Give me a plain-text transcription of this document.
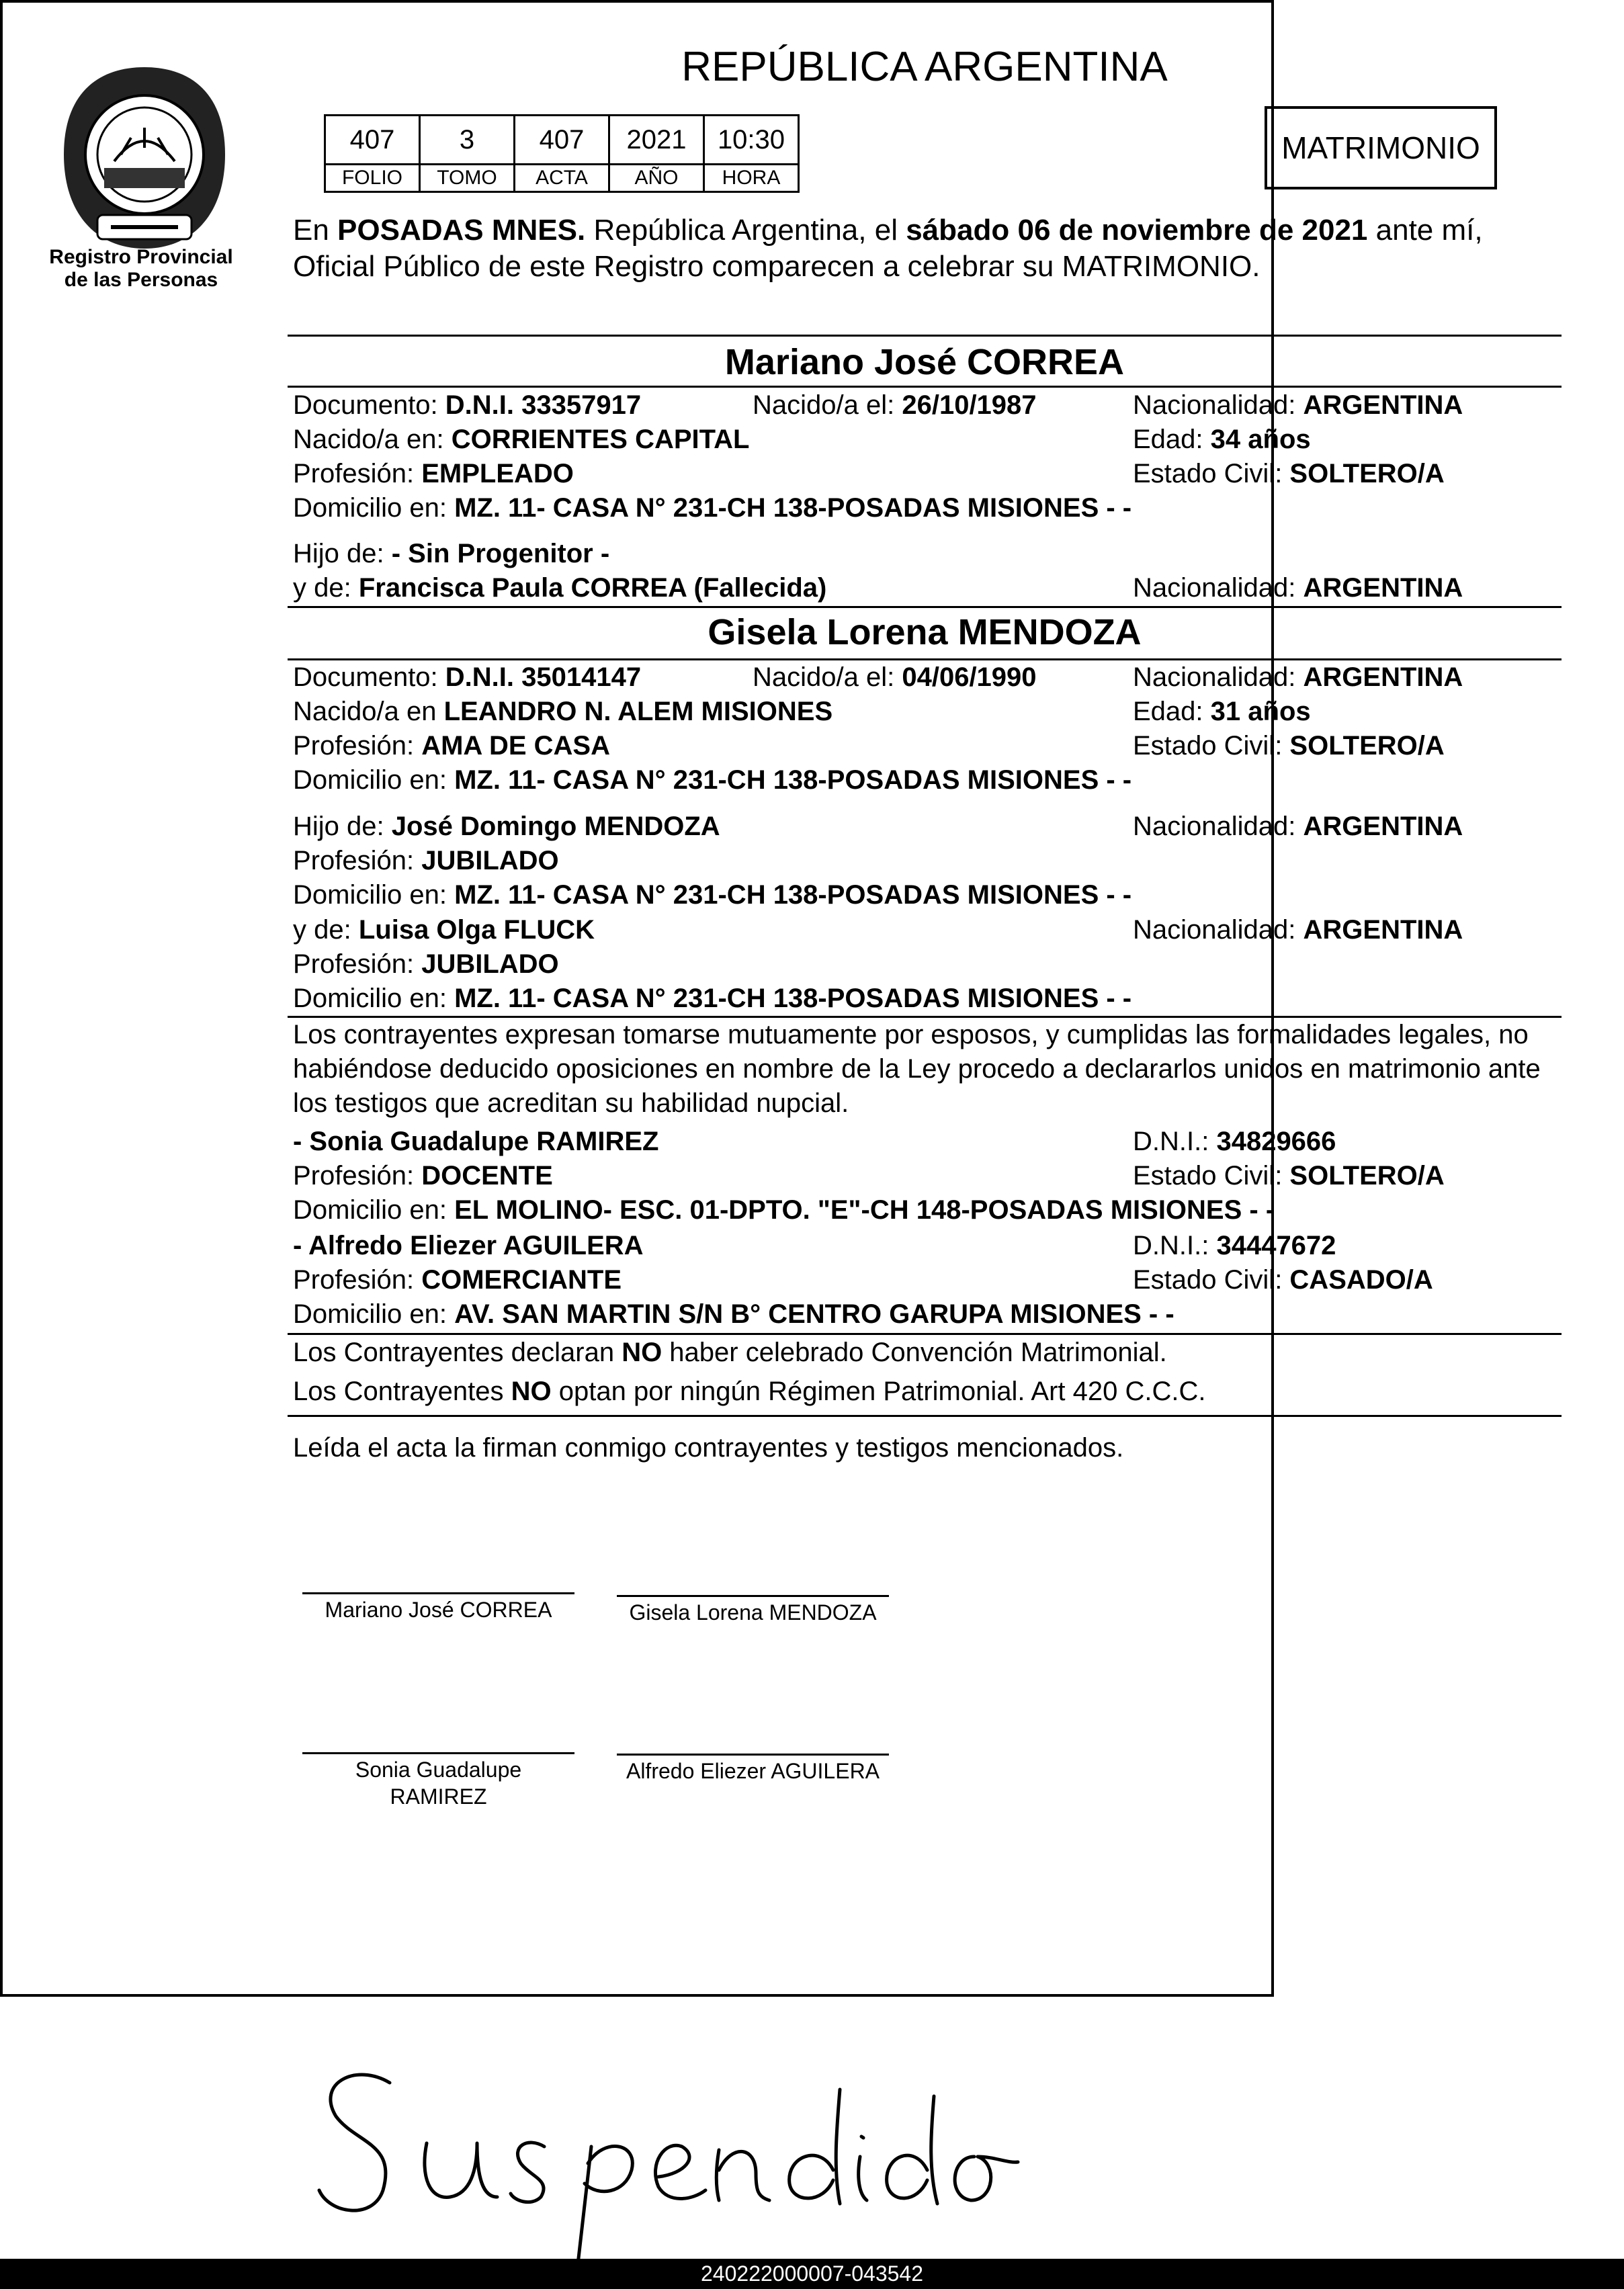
Registro Provincial
de las Personas
REPÚBLICA ARGENTINA
407	3	407	2021	10:30
FOLIO	TOMO	ACTA	AÑO	HORA
MATRIMONIO
En POSADAS MNES. República Argentina, el sábado 06 de noviembre de 2021 ante mí,
Oficial Público de este Registro comparecen a celebrar su MATRIMONIO.
Mariano José CORREA
Documento: D.N.I. 33357917	Nacido/a el: 26/10/1987	Nacionalidad: ARGENTINA
Nacido/a en: CORRIENTES CAPITAL	Edad: 34 años
Profesión: EMPLEADO	Estado Civil: SOLTERO/A
Domicilio en: MZ. 11- CASA N° 231-CH 138-POSADAS MISIONES - -
Hijo de: - Sin Progenitor -
y de: Francisca Paula CORREA (Fallecida)	Nacionalidad: ARGENTINA
Gisela Lorena MENDOZA
Documento: D.N.I. 35014147	Nacido/a el: 04/06/1990	Nacionalidad: ARGENTINA
Nacido/a en LEANDRO N. ALEM MISIONES	Edad: 31 años
Profesión: AMA DE CASA	Estado Civil: SOLTERO/A
Domicilio en: MZ. 11- CASA N° 231-CH 138-POSADAS MISIONES - -
Hijo de: José Domingo MENDOZA	Nacionalidad: ARGENTINA
Profesión: JUBILADO
Domicilio en: MZ. 11- CASA N° 231-CH 138-POSADAS MISIONES - -
y de: Luisa Olga FLUCK	Nacionalidad: ARGENTINA
Profesión: JUBILADO
Domicilio en: MZ. 11- CASA N° 231-CH 138-POSADAS MISIONES - -
Los contrayentes expresan tomarse mutuamente por esposos, y cumplidas las formalidades legales, no
habiéndose deducido oposiciones en nombre de la Ley procedo a declararlos unidos en matrimonio ante
los testigos que acreditan su habilidad nupcial.
- Sonia Guadalupe RAMIREZ	D.N.I.: 34829666
Profesión: DOCENTE	Estado Civil: SOLTERO/A
Domicilio en: EL MOLINO- ESC. 01-DPTO. "E"-CH 148-POSADAS MISIONES - -
- Alfredo Eliezer AGUILERA	D.N.I.: 34447672
Profesión: COMERCIANTE	Estado Civil: CASADO/A
Domicilio en: AV. SAN MARTIN S/N B° CENTRO GARUPA MISIONES - -
Los Contrayentes declaran NO haber celebrado Convención Matrimonial.
Los Contrayentes NO optan por ningún Régimen Patrimonial. Art 420 C.C.C.
Leída el acta la firman conmigo contrayentes y testigos mencionados.
Mariano José CORREA	Gisela Lorena MENDOZA
Sonia Guadalupe
RAMIREZ
Alfredo Eliezer AGUILERA
240222000007-043542
